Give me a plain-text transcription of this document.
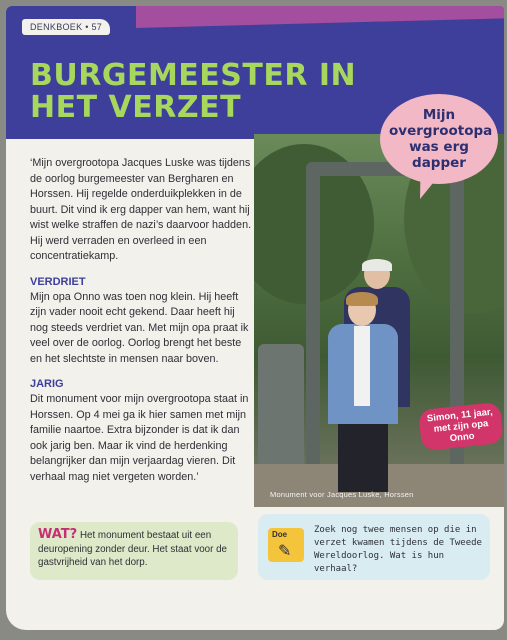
DENKBOEK • 57
BURGEMEESTER IN
HET VERZET
Monument voor Jacques Luske, Horssen

Mijn overgrootopa was erg dapper

Simon, 11 jaar, met zijn opa Onno

‘Mijn overgrootopa Jacques Luske was tijdens de oorlog burgemeester van Bergharen en Horssen. Hij regelde onderduikplekken in de buurt. Dit vind ik erg dapper van hem, want hij wist welke straffen de nazi’s daarvoor hadden. Hij werd verraden en overleed in een concentratiekamp.

VERDRIET

Mijn opa Onno was toen nog klein. Hij heeft zijn vader nooit echt gekend. Daar heeft hij nog steeds verdriet van. Met mijn opa praat ik veel over de oorlog. Oorlog brengt het beste en het slechtste in mensen naar boven.

JARIG

Dit monument voor mijn overgrootopa staat in Horssen. Op 4 mei ga ik hier samen met mijn familie naartoe. Extra bijzonder is dat ik dan ook jarig ben. Maar ik vind de herdenking belangrijker dan mijn verjaardag vieren. Dit verhaal mag niet vergeten worden.’

WAT? Het monument bestaat uit een deuropening zonder deur. Het staat voor de gastvrijheid van het dorp.
Doe
✎
Zoek nog twee mensen op die in verzet kwamen tijdens de Tweede Wereldoorlog. Wat is hun verhaal?
